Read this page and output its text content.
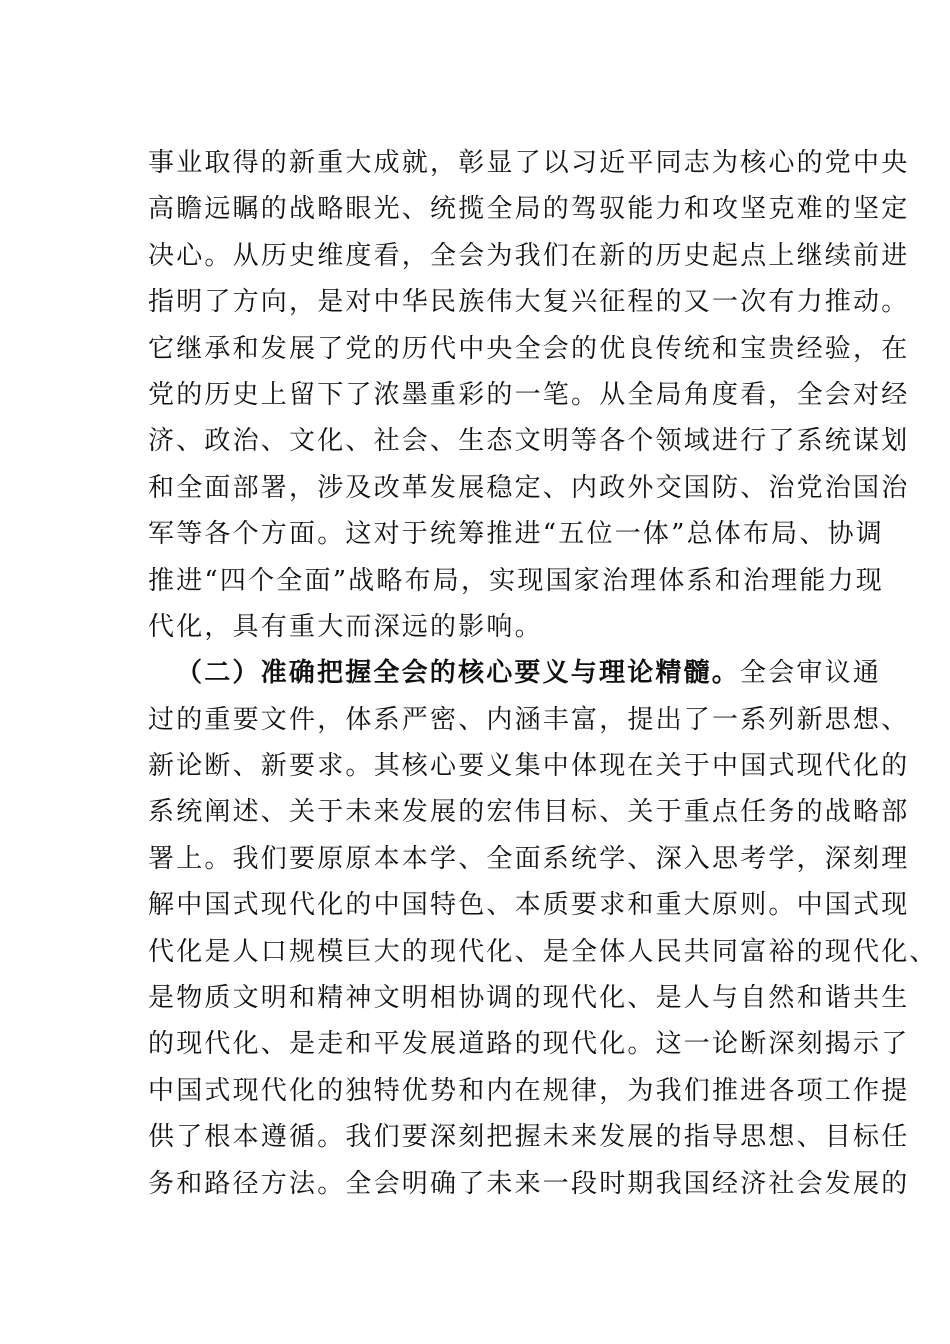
事业取得的新重大成就，彰显了以习近平同志为核心的党中央
高瞻远瞩的战略眼光、统揽全局的驾驭能力和攻坚克难的坚定
决心。从历史维度看，全会为我们在新的历史起点上继续前进
指明了方向，是对中华民族伟大复兴征程的又一次有力推动。
它继承和发展了党的历代中央全会的优良传统和宝贵经验，在
党的历史上留下了浓墨重彩的一笔。从全局角度看，全会对经
济、政治、文化、社会、生态文明等各个领域进行了系统谋划
和全面部署，涉及改革发展稳定、内政外交国防、治党治国治
军等各个方面。这对于统筹推进“五位一体”总体布局、协调
推进“四个全面”战略布局，实现国家治理体系和治理能力现
代化，具有重大而深远的影响。
（二）准确把握全会的核心要义与理论精髓。全会审议通
过的重要文件，体系严密、内涵丰富，提出了一系列新思想、
新论断、新要求。其核心要义集中体现在关于中国式现代化的
系统阐述、关于未来发展的宏伟目标、关于重点任务的战略部
署上。我们要原原本本学、全面系统学、深入思考学，深刻理
解中国式现代化的中国特色、本质要求和重大原则。中国式现
代化是人口规模巨大的现代化、是全体人民共同富裕的现代化、
是物质文明和精神文明相协调的现代化、是人与自然和谐共生
的现代化、是走和平发展道路的现代化。这一论断深刻揭示了
中国式现代化的独特优势和内在规律，为我们推进各项工作提
供了根本遵循。我们要深刻把握未来发展的指导思想、目标任
务和路径方法。全会明确了未来一段时期我国经济社会发展的
